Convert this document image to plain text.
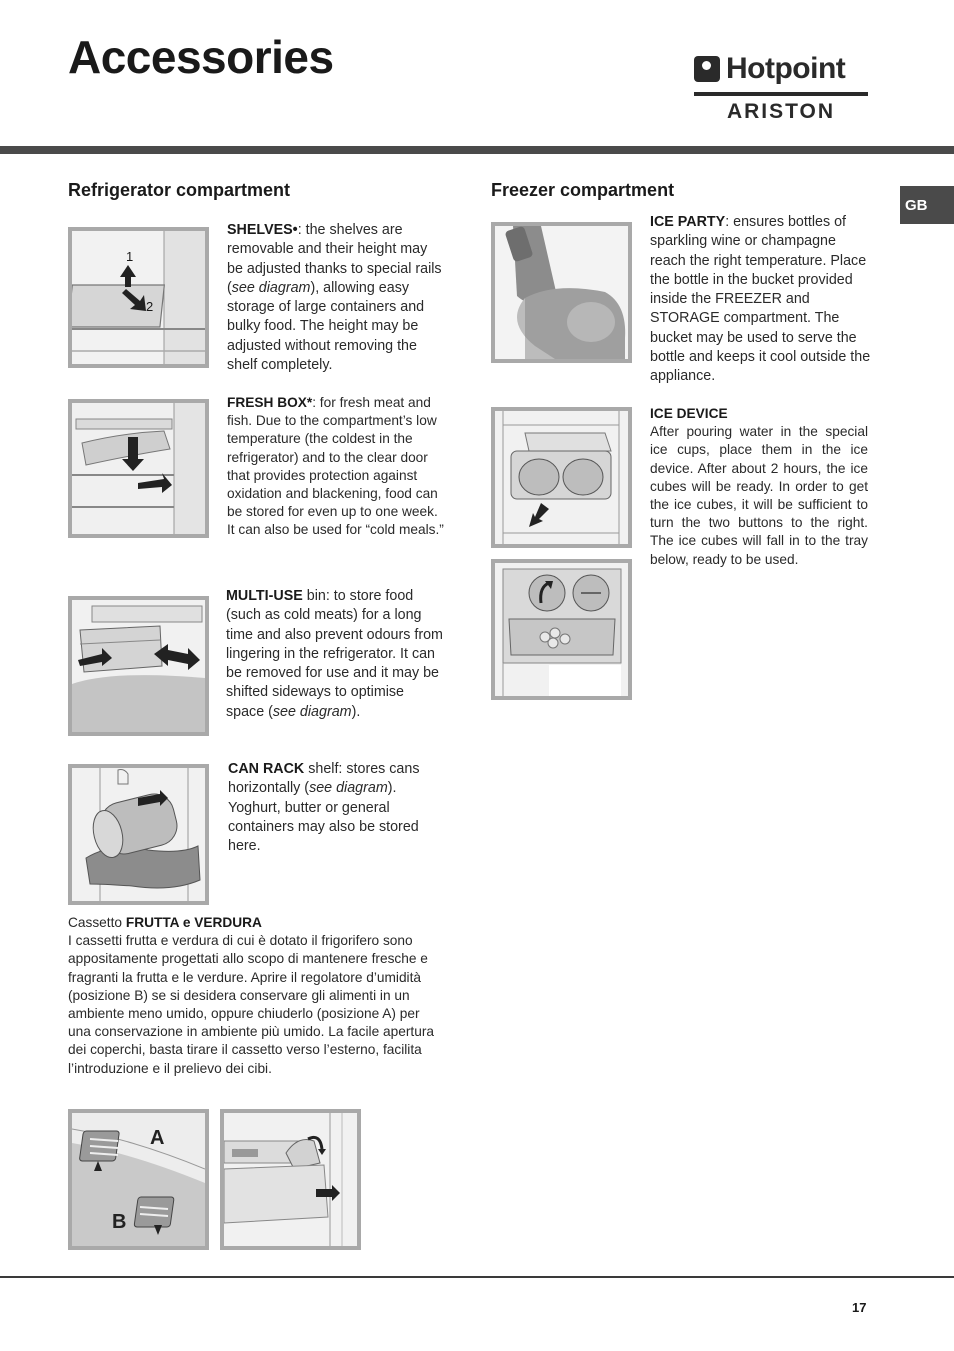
Accessories	Hotpoint
ARISTON
GB
Refrigerator compartment	Freezer compartment
1
2
SHELVES•: the shelves are removable and their height may be adjusted thanks to special rails (see diagram), allowing easy storage of large containers and bulky food. The height may be adjusted without removing the shelf completely.
FRESH BOX*: for fresh meat and fish. Due to the compartment’s low temperature (the coldest in the refrigerator) and to the clear door that provides protection against oxidation and blackening, food can be stored for even up to one week. It can also be used for “cold meals.”
MULTI-USE bin: to store food (such as cold meats) for a long time and also prevent odours from lingering in the refrigerator. It can be removed for use and it may be shifted sideways to optimise space (see diagram).
CAN RACK shelf: stores cans horizontally (see diagram). Yoghurt, butter or general containers may also be stored here.
Cassetto FRUTTA e VERDURA
I cassetti frutta e verdura di cui è dotato il frigorifero sono appositamente progettati allo scopo di mantenere fresche e fragranti la frutta e le verdure. Aprire il regolatore d’umidità (posizione B) se si desidera conservare gli alimenti in un ambiente meno umido, oppure chiuderlo (posizione A) per una conservazione in ambiente più umido. La facile apertura dei coperchi, basta tirare il cassetto verso l’esterno, facilita l’introduzione e il prelievo dei cibi.
A
B
ICE PARTY: ensures bottles of sparkling wine or champagne reach the right temperature. Place the bottle in the bucket provided inside the FREEZER and STORAGE compartment. The bucket may be used to serve the bottle and keeps it cool outside the appliance.
ICE DEVICE
After pouring water in the special ice cups, place them in the ice device. After about 2 hours, the ice cubes will be ready. In order to get the ice cubes, it will be sufficient to turn the two buttons to the right. The ice cubes will fall in to the tray below, ready to be used.
17
